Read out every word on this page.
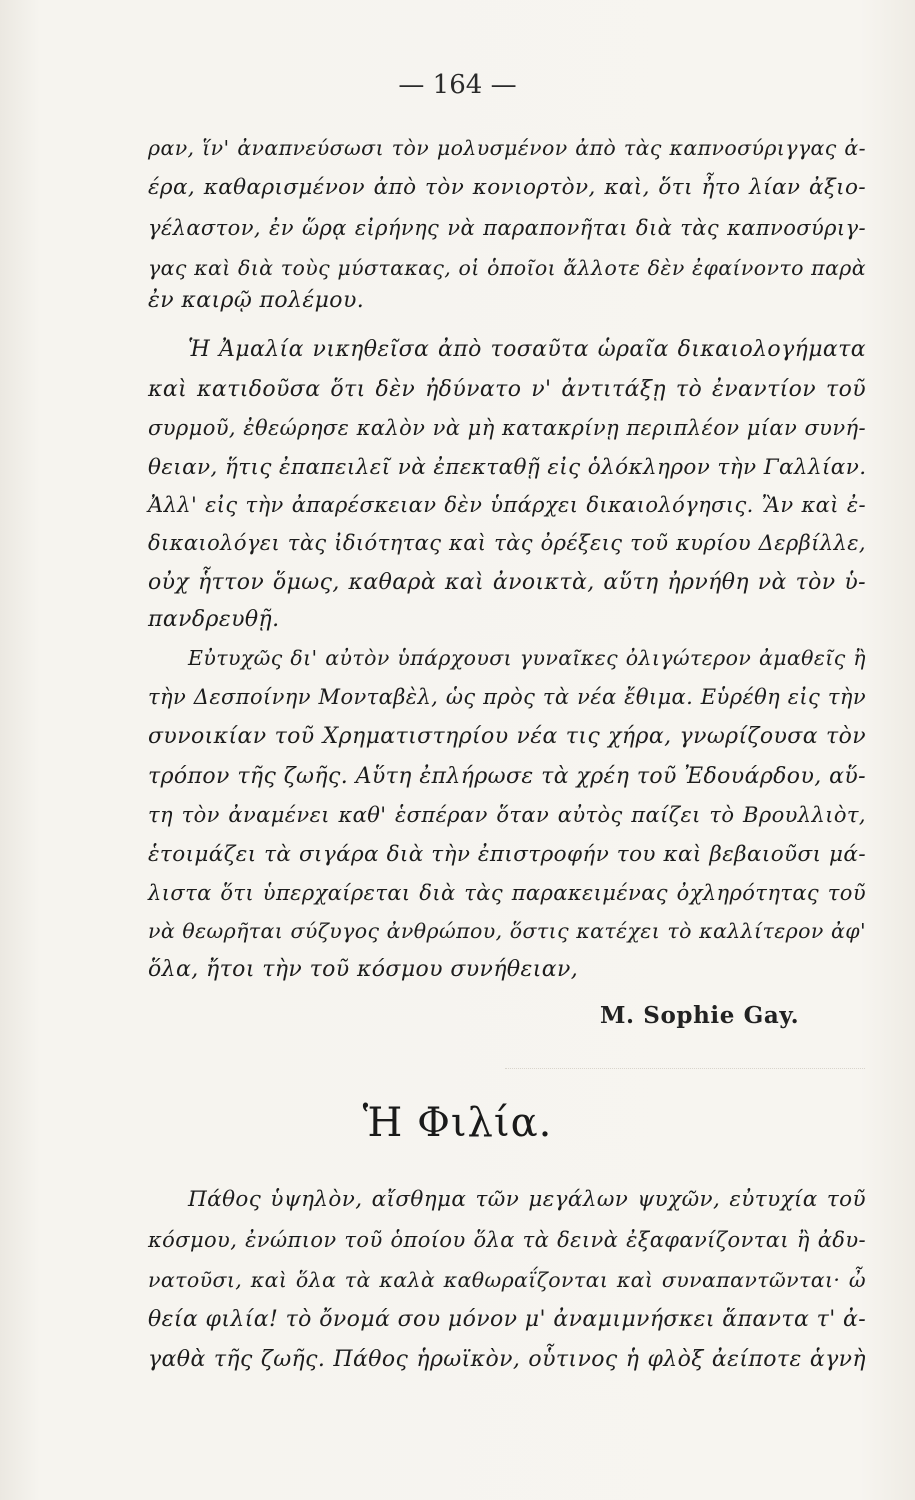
— 164 —
ραν, ἵν' ἀναπνεύσωσι τὸν μολυσμένον ἀπὸ τὰς καπνοσύριγγας ἀ-
έρα, καθαρισμένον ἀπὸ τὸν κονιορτὸν, καὶ, ὅτι ἦτο λίαν ἀξιο-
γέλαστον, ἐν ὥρᾳ εἰρήνης νὰ παραπονῆται διὰ τὰς καπνοσύριγ-
γας καὶ διὰ τοὺς μύστακας, οἱ ὁποῖοι ἄλλοτε δὲν ἐφαίνοντο παρὰ
ἐν καιρῷ πολέμου.
Ἡ Ἀμαλία νικηθεῖσα ἀπὸ τοσαῦτα ὡραῖα δικαιολογήματα
καὶ κατιδοῦσα ὅτι δὲν ἠδύνατο ν' ἀντιτάξῃ τὸ ἐναντίον τοῦ
συρμοῦ, ἐθεώρησε καλὸν νὰ μὴ κατακρίνῃ περιπλέον μίαν συνή-
θειαν, ἥτις ἐπαπειλεῖ νὰ ἐπεκταθῇ εἰς ὁλόκληρον τὴν Γαλλίαν.
Ἀλλ' εἰς τὴν ἀπαρέσκειαν δὲν ὑπάρχει δικαιολόγησις. Ἂν καὶ ἐ-
δικαιολόγει τὰς ἰδιότητας καὶ τὰς ὀρέξεις τοῦ κυρίου Δερβίλλε,
οὐχ ἧττον ὅμως, καθαρὰ καὶ ἀνοικτὰ, αὕτη ἠρνήθη νὰ τὸν ὑ-
πανδρευθῇ.
Εὐτυχῶς δι' αὐτὸν ὑπάρχουσι γυναῖκες ὀλιγώτερον ἀμαθεῖς ἢ
τὴν Δεσποίνην Μονταβὲλ, ὡς πρὸς τὰ νέα ἔθιμα. Εὑρέθη εἰς τὴν
συνοικίαν τοῦ Χρηματιστηρίου νέα τις χήρα, γνωρίζουσα τὸν
τρόπον τῆς ζωῆς. Αὕτη ἐπλήρωσε τὰ χρέη τοῦ Ἐδουάρδου, αὕ-
τη τὸν ἀναμένει καθ' ἑσπέραν ὅταν αὐτὸς παίζει τὸ Βρουλλιὸτ,
ἑτοιμάζει τὰ σιγάρα διὰ τὴν ἐπιστροφήν του καὶ βεβαιοῦσι μά-
λιστα ὅτι ὑπερχαίρεται διὰ τὰς παρακειμένας ὀχληρότητας τοῦ
νὰ θεωρῆται σύζυγος ἀνθρώπου, ὅστις κατέχει τὸ καλλίτερον ἀφ'
ὅλα, ἤτοι τὴν τοῦ κόσμου συνήθειαν,
M. Sophie Gay.
Ἡ Φιλία.
Πάθος ὑψηλὸν, αἴσθημα τῶν μεγάλων ψυχῶν, εὐτυχία τοῦ
κόσμου, ἐνώπιον τοῦ ὁποίου ὅλα τὰ δεινὰ ἐξαφανίζονται ἢ ἀδυ-
νατοῦσι, καὶ ὅλα τὰ καλὰ καθωραΐζονται καὶ συναπαντῶνται· ὦ
θεία φιλία! τὸ ὄνομά σου μόνον μ' ἀναμιμνήσκει ἅπαντα τ' ἀ-
γαθὰ τῆς ζωῆς. Πάθος ἡρωϊκὸν, οὗτινος ἡ φλὸξ ἀείποτε ἁγνὴ
